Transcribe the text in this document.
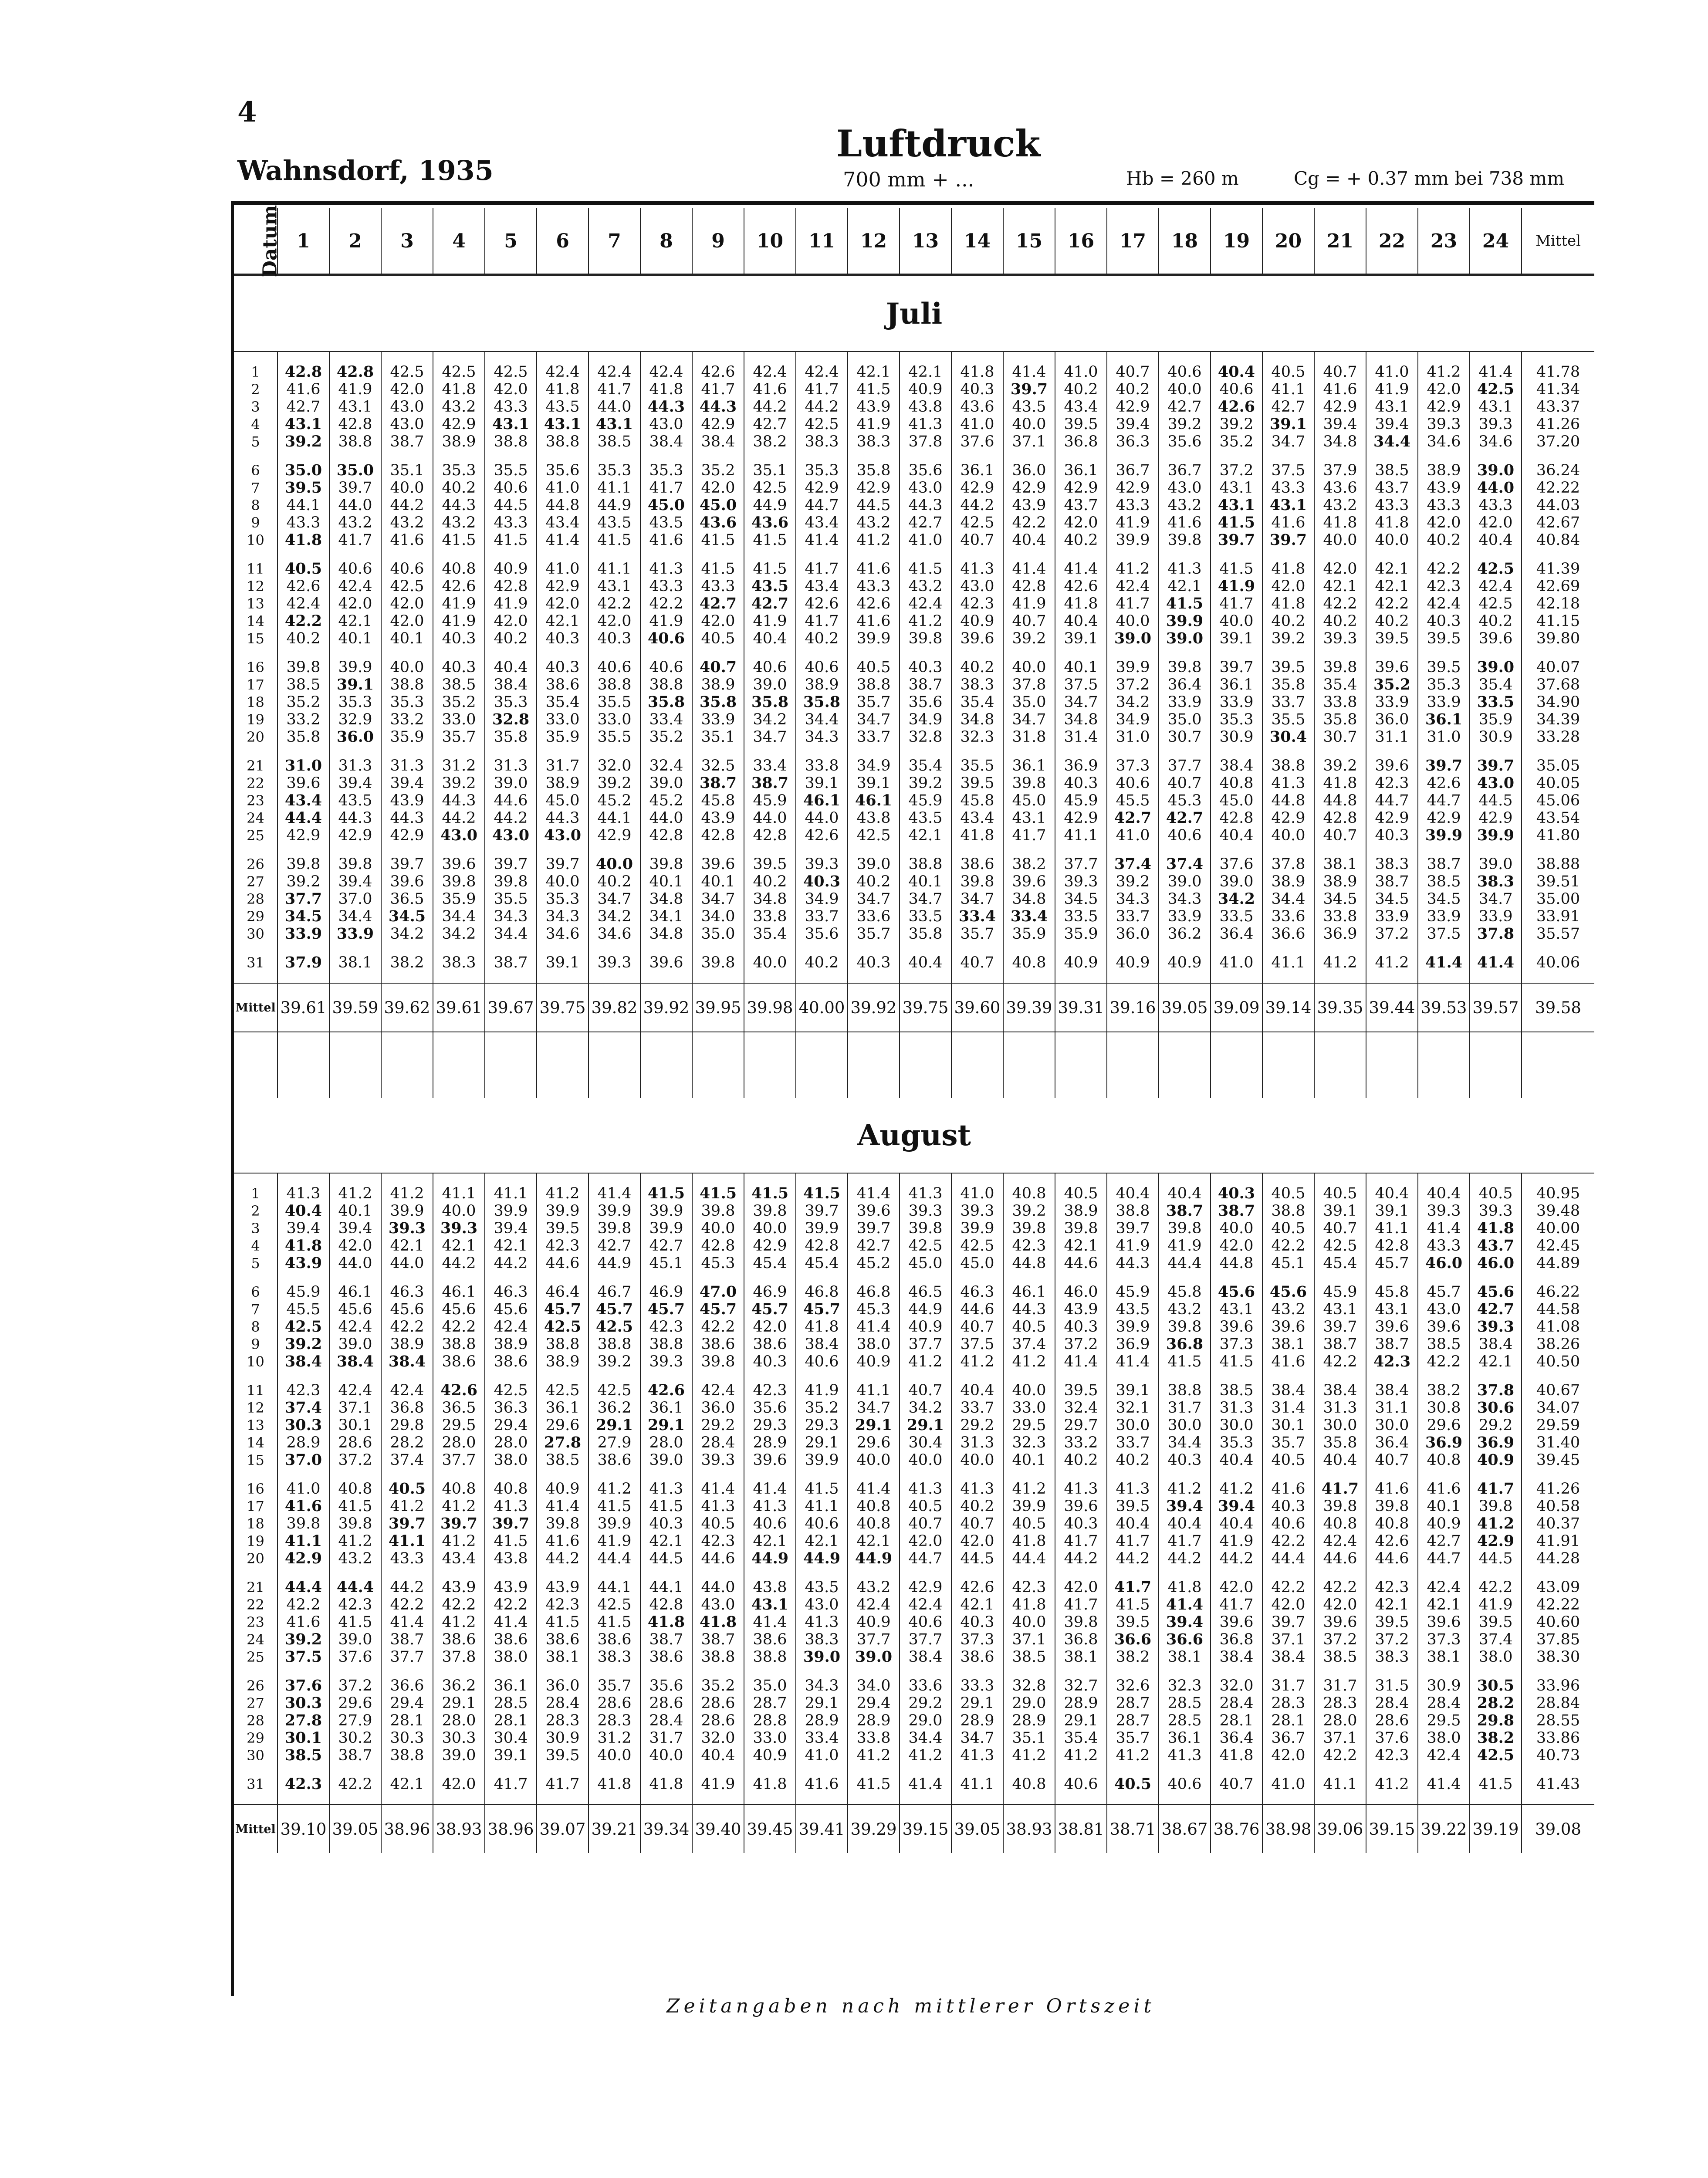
4
Wahnsdorf, 1935
Luftdruck
700 mm + ...	Hb = 260 m	Cg = + 0.37 mm bei 738 mm
Datum	1	2	3	4	5	6	7	8	9	10	11	12	13	14	15	16	17	18	19	20	21	22	23	24	Mittel
Juli																									

1	42.8	42.8	42.5	42.5	42.5	42.4	42.4	42.4	42.6	42.4	42.4	42.1	42.1	41.8	41.4	41.0	40.7	40.6	40.4	40.5	40.7	41.0	41.2	41.4	41.78
2	41.6	41.9	42.0	41.8	42.0	41.8	41.7	41.8	41.7	41.6	41.7	41.5	40.9	40.3	39.7	40.2	40.2	40.0	40.6	41.1	41.6	41.9	42.0	42.5	41.34
3	42.7	43.1	43.0	43.2	43.3	43.5	44.0	44.3	44.3	44.2	44.2	43.9	43.8	43.6	43.5	43.4	42.9	42.7	42.6	42.7	42.9	43.1	42.9	43.1	43.37
4	43.1	42.8	43.0	42.9	43.1	43.1	43.1	43.0	42.9	42.7	42.5	41.9	41.3	41.0	40.0	39.5	39.4	39.2	39.2	39.1	39.4	39.4	39.3	39.3	41.26
5	39.2	38.8	38.7	38.9	38.8	38.8	38.5	38.4	38.4	38.2	38.3	38.3	37.8	37.6	37.1	36.8	36.3	35.6	35.2	34.7	34.8	34.4	34.6	34.6	37.20

6	35.0	35.0	35.1	35.3	35.5	35.6	35.3	35.3	35.2	35.1	35.3	35.8	35.6	36.1	36.0	36.1	36.7	36.7	37.2	37.5	37.9	38.5	38.9	39.0	36.24
7	39.5	39.7	40.0	40.2	40.6	41.0	41.1	41.7	42.0	42.5	42.9	42.9	43.0	42.9	42.9	42.9	42.9	43.0	43.1	43.3	43.6	43.7	43.9	44.0	42.22
8	44.1	44.0	44.2	44.3	44.5	44.8	44.9	45.0	45.0	44.9	44.7	44.5	44.3	44.2	43.9	43.7	43.3	43.2	43.1	43.1	43.2	43.3	43.3	43.3	44.03
9	43.3	43.2	43.2	43.2	43.3	43.4	43.5	43.5	43.6	43.6	43.4	43.2	42.7	42.5	42.2	42.0	41.9	41.6	41.5	41.6	41.8	41.8	42.0	42.0	42.67
10	41.8	41.7	41.6	41.5	41.5	41.4	41.5	41.6	41.5	41.5	41.4	41.2	41.0	40.7	40.4	40.2	39.9	39.8	39.7	39.7	40.0	40.0	40.2	40.4	40.84

11	40.5	40.6	40.6	40.8	40.9	41.0	41.1	41.3	41.5	41.5	41.7	41.6	41.5	41.3	41.4	41.4	41.2	41.3	41.5	41.8	42.0	42.1	42.2	42.5	41.39
12	42.6	42.4	42.5	42.6	42.8	42.9	43.1	43.3	43.3	43.5	43.4	43.3	43.2	43.0	42.8	42.6	42.4	42.1	41.9	42.0	42.1	42.1	42.3	42.4	42.69
13	42.4	42.0	42.0	41.9	41.9	42.0	42.2	42.2	42.7	42.7	42.6	42.6	42.4	42.3	41.9	41.8	41.7	41.5	41.7	41.8	42.2	42.2	42.4	42.5	42.18
14	42.2	42.1	42.0	41.9	42.0	42.1	42.0	41.9	42.0	41.9	41.7	41.6	41.2	40.9	40.7	40.4	40.0	39.9	40.0	40.2	40.2	40.2	40.3	40.2	41.15
15	40.2	40.1	40.1	40.3	40.2	40.3	40.3	40.6	40.5	40.4	40.2	39.9	39.8	39.6	39.2	39.1	39.0	39.0	39.1	39.2	39.3	39.5	39.5	39.6	39.80

16	39.8	39.9	40.0	40.3	40.4	40.3	40.6	40.6	40.7	40.6	40.6	40.5	40.3	40.2	40.0	40.1	39.9	39.8	39.7	39.5	39.8	39.6	39.5	39.0	40.07
17	38.5	39.1	38.8	38.5	38.4	38.6	38.8	38.8	38.9	39.0	38.9	38.8	38.7	38.3	37.8	37.5	37.2	36.4	36.1	35.8	35.4	35.2	35.3	35.4	37.68
18	35.2	35.3	35.3	35.2	35.3	35.4	35.5	35.8	35.8	35.8	35.8	35.7	35.6	35.4	35.0	34.7	34.2	33.9	33.9	33.7	33.8	33.9	33.9	33.5	34.90
19	33.2	32.9	33.2	33.0	32.8	33.0	33.0	33.4	33.9	34.2	34.4	34.7	34.9	34.8	34.7	34.8	34.9	35.0	35.3	35.5	35.8	36.0	36.1	35.9	34.39
20	35.8	36.0	35.9	35.7	35.8	35.9	35.5	35.2	35.1	34.7	34.3	33.7	32.8	32.3	31.8	31.4	31.0	30.7	30.9	30.4	30.7	31.1	31.0	30.9	33.28

21	31.0	31.3	31.3	31.2	31.3	31.7	32.0	32.4	32.5	33.4	33.8	34.9	35.4	35.5	36.1	36.9	37.3	37.7	38.4	38.8	39.2	39.6	39.7	39.7	35.05
22	39.6	39.4	39.4	39.2	39.0	38.9	39.2	39.0	38.7	38.7	39.1	39.1	39.2	39.5	39.8	40.3	40.6	40.7	40.8	41.3	41.8	42.3	42.6	43.0	40.05
23	43.4	43.5	43.9	44.3	44.6	45.0	45.2	45.2	45.8	45.9	46.1	46.1	45.9	45.8	45.0	45.9	45.5	45.3	45.0	44.8	44.8	44.7	44.7	44.5	45.06
24	44.4	44.3	44.3	44.2	44.2	44.3	44.1	44.0	43.9	44.0	44.0	43.8	43.5	43.4	43.1	42.9	42.7	42.7	42.8	42.9	42.8	42.9	42.9	42.9	43.54
25	42.9	42.9	42.9	43.0	43.0	43.0	42.9	42.8	42.8	42.8	42.6	42.5	42.1	41.8	41.7	41.1	41.0	40.6	40.4	40.0	40.7	40.3	39.9	39.9	41.80

26	39.8	39.8	39.7	39.6	39.7	39.7	40.0	39.8	39.6	39.5	39.3	39.0	38.8	38.6	38.2	37.7	37.4	37.4	37.6	37.8	38.1	38.3	38.7	39.0	38.88
27	39.2	39.4	39.6	39.8	39.8	40.0	40.2	40.1	40.1	40.2	40.3	40.2	40.1	39.8	39.6	39.3	39.2	39.0	39.0	38.9	38.9	38.7	38.5	38.3	39.51
28	37.7	37.0	36.5	35.9	35.5	35.3	34.7	34.8	34.7	34.8	34.9	34.7	34.7	34.7	34.8	34.5	34.3	34.3	34.2	34.4	34.5	34.5	34.5	34.7	35.00
29	34.5	34.4	34.5	34.4	34.3	34.3	34.2	34.1	34.0	33.8	33.7	33.6	33.5	33.4	33.4	33.5	33.7	33.9	33.5	33.6	33.8	33.9	33.9	33.9	33.91
30	33.9	33.9	34.2	34.2	34.4	34.6	34.6	34.8	35.0	35.4	35.6	35.7	35.8	35.7	35.9	35.9	36.0	36.2	36.4	36.6	36.9	37.2	37.5	37.8	35.57

31	37.9	38.1	38.2	38.3	38.7	39.1	39.3	39.6	39.8	40.0	40.2	40.3	40.4	40.7	40.8	40.9	40.9	40.9	41.0	41.1	41.2	41.2	41.4	41.4	40.06

Mittel	39.61	39.59	39.62	39.61	39.67	39.75	39.82	39.92	39.95	39.98	40.00	39.92	39.75	39.60	39.39	39.31	39.16	39.05	39.09	39.14	39.35	39.44	39.53	39.57	39.58

August																									

1	41.3	41.2	41.2	41.1	41.1	41.2	41.4	41.5	41.5	41.5	41.5	41.4	41.3	41.0	40.8	40.5	40.4	40.4	40.3	40.5	40.5	40.4	40.4	40.5	40.95
2	40.4	40.1	39.9	40.0	39.9	39.9	39.9	39.9	39.8	39.8	39.7	39.6	39.3	39.3	39.2	38.9	38.8	38.7	38.7	38.8	39.1	39.1	39.3	39.3	39.48
3	39.4	39.4	39.3	39.3	39.4	39.5	39.8	39.9	40.0	40.0	39.9	39.7	39.8	39.9	39.8	39.8	39.7	39.8	40.0	40.5	40.7	41.1	41.4	41.8	40.00
4	41.8	42.0	42.1	42.1	42.1	42.3	42.7	42.7	42.8	42.9	42.8	42.7	42.5	42.5	42.3	42.1	41.9	41.9	42.0	42.2	42.5	42.8	43.3	43.7	42.45
5	43.9	44.0	44.0	44.2	44.2	44.6	44.9	45.1	45.3	45.4	45.4	45.2	45.0	45.0	44.8	44.6	44.3	44.4	44.8	45.1	45.4	45.7	46.0	46.0	44.89

6	45.9	46.1	46.3	46.1	46.3	46.4	46.7	46.9	47.0	46.9	46.8	46.8	46.5	46.3	46.1	46.0	45.9	45.8	45.6	45.6	45.9	45.8	45.7	45.6	46.22
7	45.5	45.6	45.6	45.6	45.6	45.7	45.7	45.7	45.7	45.7	45.7	45.3	44.9	44.6	44.3	43.9	43.5	43.2	43.1	43.2	43.1	43.1	43.0	42.7	44.58
8	42.5	42.4	42.2	42.2	42.4	42.5	42.5	42.3	42.2	42.0	41.8	41.4	40.9	40.7	40.5	40.3	39.9	39.8	39.6	39.6	39.7	39.6	39.6	39.3	41.08
9	39.2	39.0	38.9	38.8	38.9	38.8	38.8	38.8	38.6	38.6	38.4	38.0	37.7	37.5	37.4	37.2	36.9	36.8	37.3	38.1	38.7	38.7	38.5	38.4	38.26
10	38.4	38.4	38.4	38.6	38.6	38.9	39.2	39.3	39.8	40.3	40.6	40.9	41.2	41.2	41.2	41.4	41.4	41.5	41.5	41.6	42.2	42.3	42.2	42.1	40.50

11	42.3	42.4	42.4	42.6	42.5	42.5	42.5	42.6	42.4	42.3	41.9	41.1	40.7	40.4	40.0	39.5	39.1	38.8	38.5	38.4	38.4	38.4	38.2	37.8	40.67
12	37.4	37.1	36.8	36.5	36.3	36.1	36.2	36.1	36.0	35.6	35.2	34.7	34.2	33.7	33.0	32.4	32.1	31.7	31.3	31.4	31.3	31.1	30.8	30.6	34.07
13	30.3	30.1	29.8	29.5	29.4	29.6	29.1	29.1	29.2	29.3	29.3	29.1	29.1	29.2	29.5	29.7	30.0	30.0	30.0	30.1	30.0	30.0	29.6	29.2	29.59
14	28.9	28.6	28.2	28.0	28.0	27.8	27.9	28.0	28.4	28.9	29.1	29.6	30.4	31.3	32.3	33.2	33.7	34.4	35.3	35.7	35.8	36.4	36.9	36.9	31.40
15	37.0	37.2	37.4	37.7	38.0	38.5	38.6	39.0	39.3	39.6	39.9	40.0	40.0	40.0	40.1	40.2	40.2	40.3	40.4	40.5	40.4	40.7	40.8	40.9	39.45

16	41.0	40.8	40.5	40.8	40.8	40.9	41.2	41.3	41.4	41.4	41.5	41.4	41.3	41.3	41.2	41.3	41.3	41.2	41.2	41.6	41.7	41.6	41.6	41.7	41.26
17	41.6	41.5	41.2	41.2	41.3	41.4	41.5	41.5	41.3	41.3	41.1	40.8	40.5	40.2	39.9	39.6	39.5	39.4	39.4	40.3	39.8	39.8	40.1	39.8	40.58
18	39.8	39.8	39.7	39.7	39.7	39.8	39.9	40.3	40.5	40.6	40.6	40.8	40.7	40.7	40.5	40.3	40.4	40.4	40.4	40.6	40.8	40.8	40.9	41.2	40.37
19	41.1	41.2	41.1	41.2	41.5	41.6	41.9	42.1	42.3	42.1	42.1	42.1	42.0	42.0	41.8	41.7	41.7	41.7	41.9	42.2	42.4	42.6	42.7	42.9	41.91
20	42.9	43.2	43.3	43.4	43.8	44.2	44.4	44.5	44.6	44.9	44.9	44.9	44.7	44.5	44.4	44.2	44.2	44.2	44.2	44.4	44.6	44.6	44.7	44.5	44.28

21	44.4	44.4	44.2	43.9	43.9	43.9	44.1	44.1	44.0	43.8	43.5	43.2	42.9	42.6	42.3	42.0	41.7	41.8	42.0	42.2	42.2	42.3	42.4	42.2	43.09
22	42.2	42.3	42.2	42.2	42.2	42.3	42.5	42.8	43.0	43.1	43.0	42.4	42.4	42.1	41.8	41.7	41.5	41.4	41.7	42.0	42.0	42.1	42.1	41.9	42.22
23	41.6	41.5	41.4	41.2	41.4	41.5	41.5	41.8	41.8	41.4	41.3	40.9	40.6	40.3	40.0	39.8	39.5	39.4	39.6	39.7	39.6	39.5	39.6	39.5	40.60
24	39.2	39.0	38.7	38.6	38.6	38.6	38.6	38.7	38.7	38.6	38.3	37.7	37.7	37.3	37.1	36.8	36.6	36.6	36.8	37.1	37.2	37.2	37.3	37.4	37.85
25	37.5	37.6	37.7	37.8	38.0	38.1	38.3	38.6	38.8	38.8	39.0	39.0	38.4	38.6	38.5	38.1	38.2	38.1	38.4	38.4	38.5	38.3	38.1	38.0	38.30

26	37.6	37.2	36.6	36.2	36.1	36.0	35.7	35.6	35.2	35.0	34.3	34.0	33.6	33.3	32.8	32.7	32.6	32.3	32.0	31.7	31.7	31.5	30.9	30.5	33.96
27	30.3	29.6	29.4	29.1	28.5	28.4	28.6	28.6	28.6	28.7	29.1	29.4	29.2	29.1	29.0	28.9	28.7	28.5	28.4	28.3	28.3	28.4	28.4	28.2	28.84
28	27.8	27.9	28.1	28.0	28.1	28.3	28.3	28.4	28.6	28.8	28.9	28.9	29.0	28.9	28.9	29.1	28.7	28.5	28.1	28.1	28.0	28.6	29.5	29.8	28.55
29	30.1	30.2	30.3	30.3	30.4	30.9	31.2	31.7	32.0	33.0	33.4	33.8	34.4	34.7	35.1	35.4	35.7	36.1	36.4	36.7	37.1	37.6	38.0	38.2	33.86
30	38.5	38.7	38.8	39.0	39.1	39.5	40.0	40.0	40.4	40.9	41.0	41.2	41.2	41.3	41.2	41.2	41.2	41.3	41.8	42.0	42.2	42.3	42.4	42.5	40.73

31	42.3	42.2	42.1	42.0	41.7	41.7	41.8	41.8	41.9	41.8	41.6	41.5	41.4	41.1	40.8	40.6	40.5	40.6	40.7	41.0	41.1	41.2	41.4	41.5	41.43

Mittel	39.10	39.05	38.96	38.93	38.96	39.07	39.21	39.34	39.40	39.45	39.41	39.29	39.15	39.05	38.93	38.81	38.71	38.67	38.76	38.98	39.06	39.15	39.22	39.19	39.08
Zeitangaben nach mittlerer Ortszeit
